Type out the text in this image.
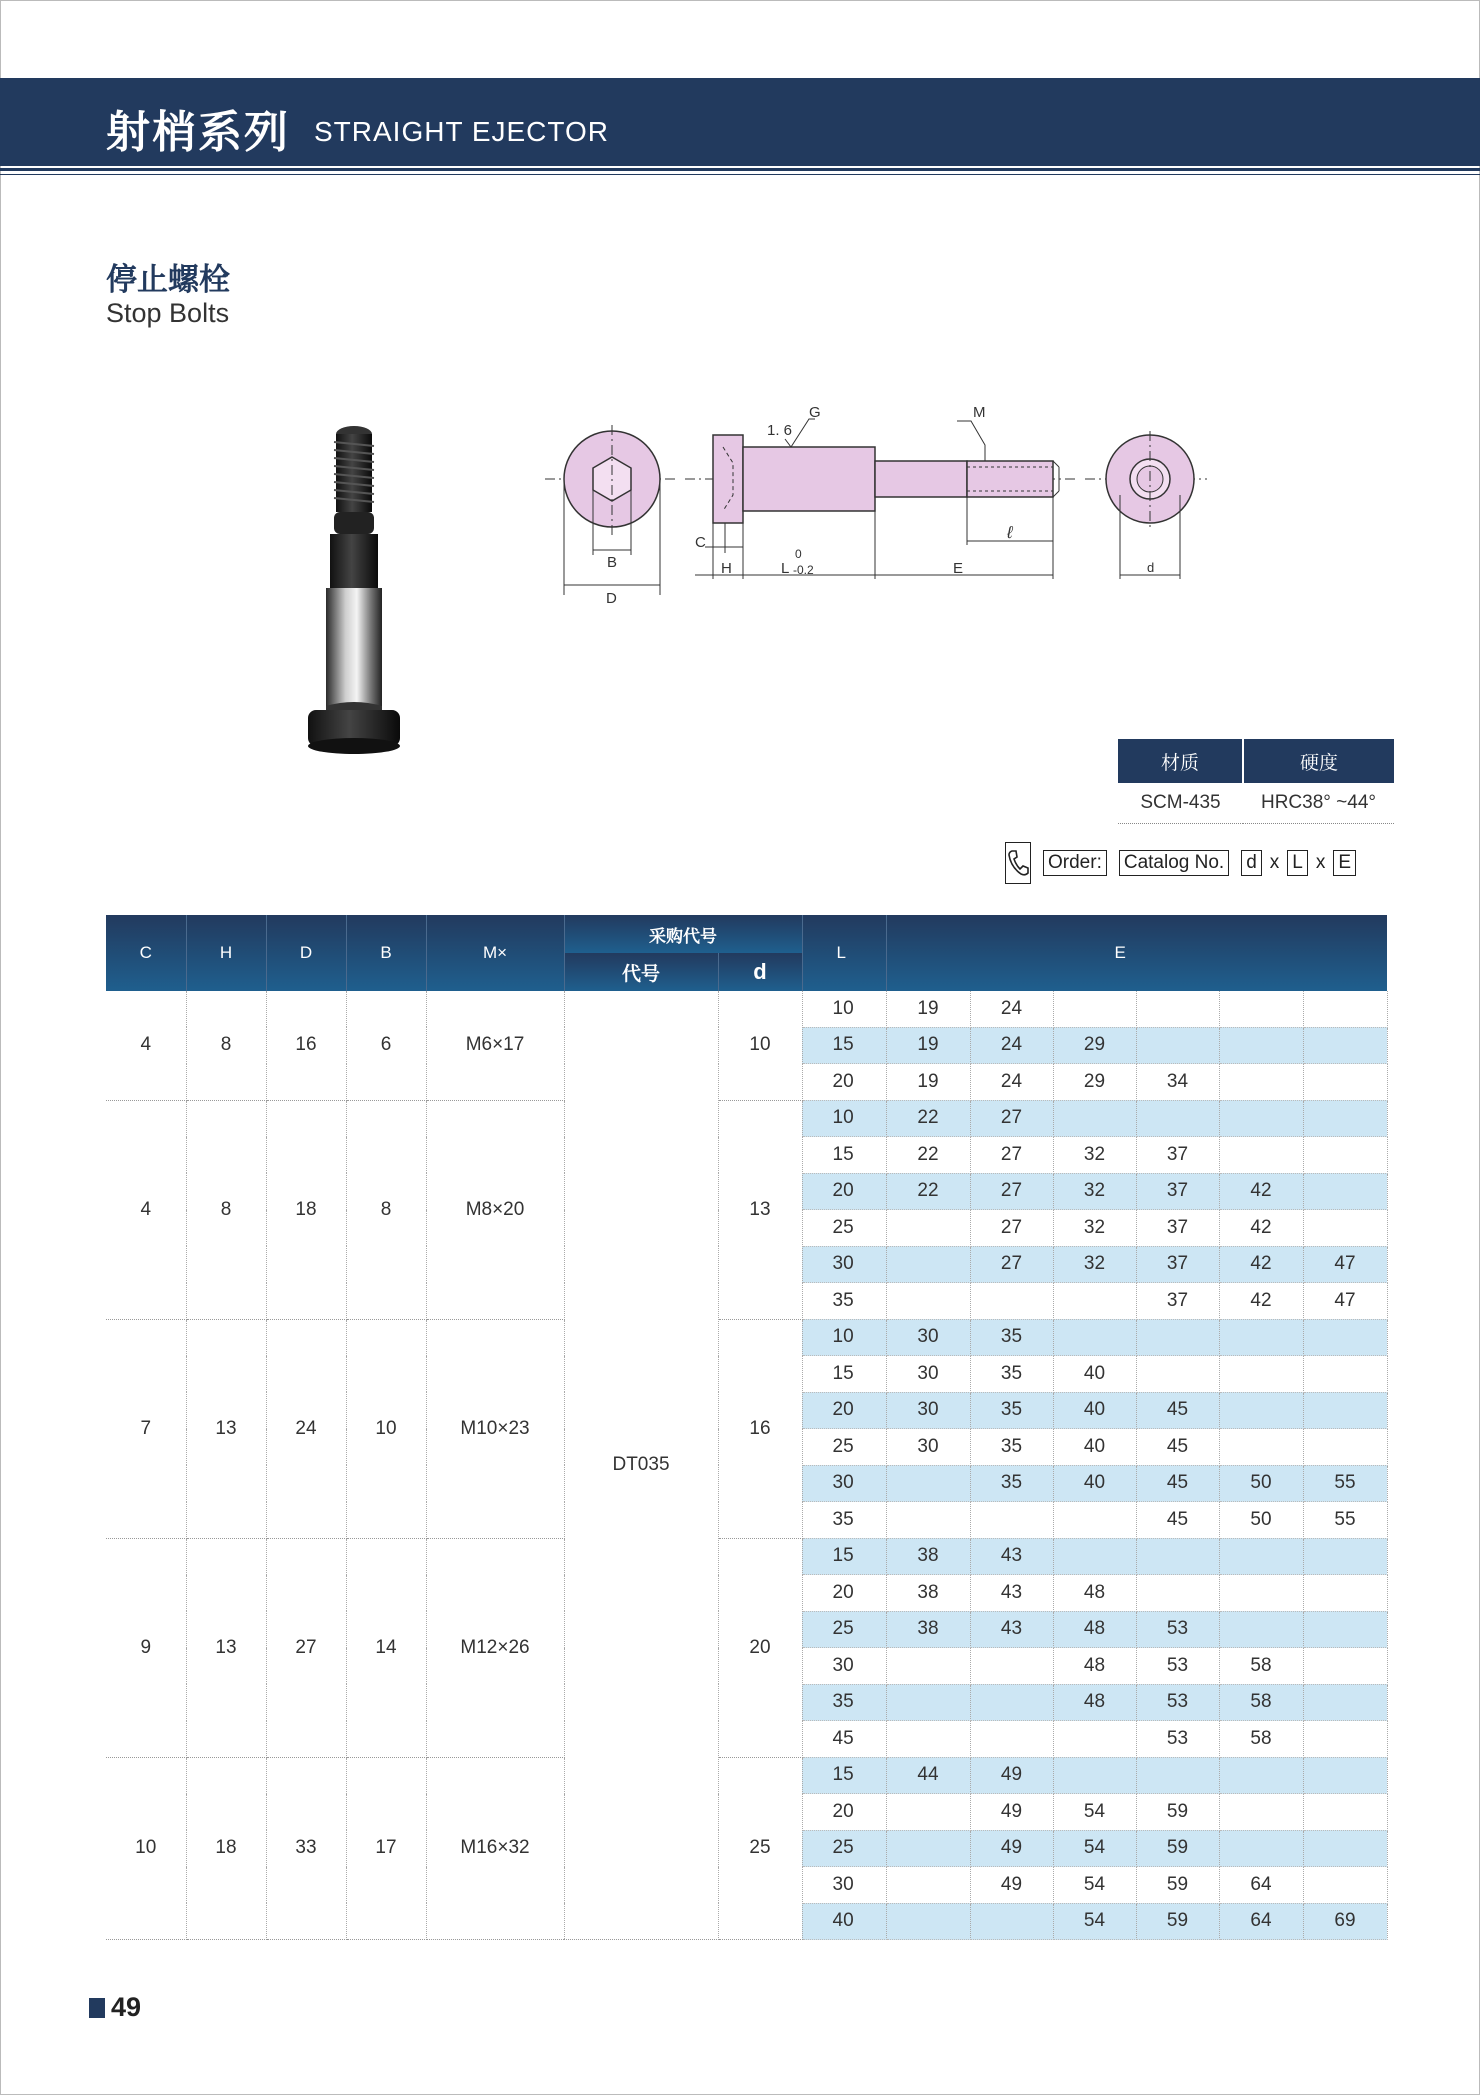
射梢系列 STRAIGHT EJECTOR
停止螺栓
Stop Bolts
B
D
1. 6
G	M
C
H	L
0
-0.2	E
ℓ
d
材质	硬度
SCM-435	HRC38° ~44°
Order: Catalog No. d x L x E
C	H	D	B	M×	采购代号		L	E					
					代号	d							
4	8	16	6	M6×17	DT035	10	10	19	24				
							15	19	24	29			
							20	19	24	29	34		
4	8	18	8	M8×20		13	10	22	27				
							15	22	27	32	37		
							20	22	27	32	37	42	
							25		27	32	37	42	
							30		27	32	37	42	47
							35				37	42	47
7	13	24	10	M10×23		16	10	30	35				
							15	30	35	40			
							20	30	35	40	45		
							25	30	35	40	45		
							30		35	40	45	50	55
							35				45	50	55
9	13	27	14	M12×26		20	15	38	43				
							20	38	43	48			
							25	38	43	48	53		
							30			48	53	58	
							35			48	53	58	
							45				53	58	
10	18	33	17	M16×32		25	15	44	49				
							20		49	54	59		
							25		49	54	59		
							30		49	54	59	64	
							40			54	59	64	69
49
